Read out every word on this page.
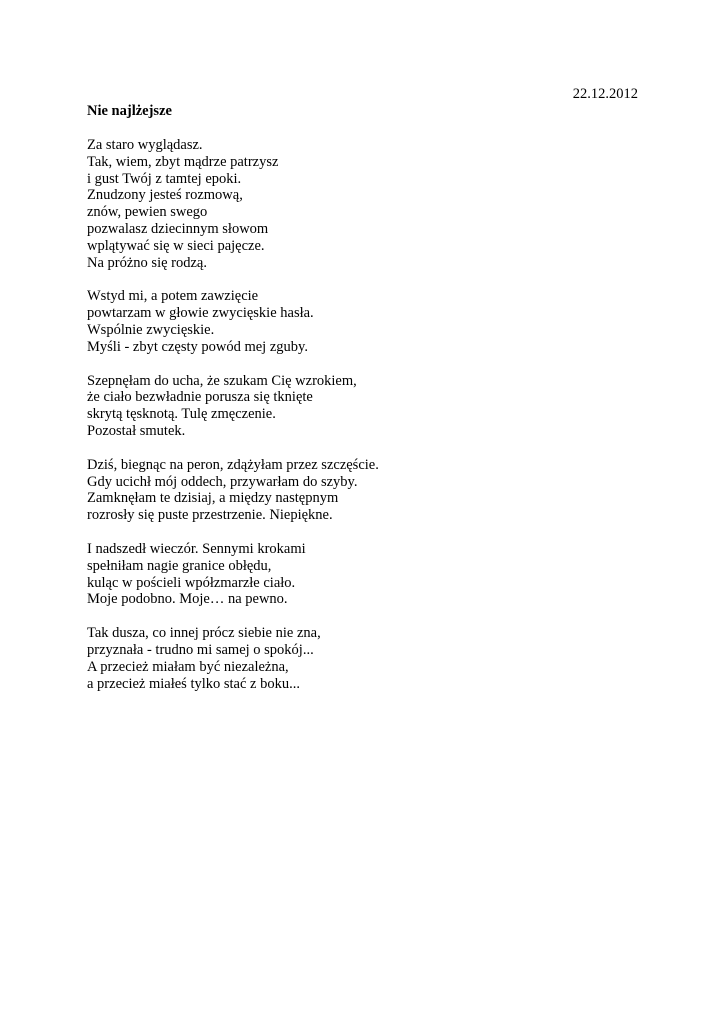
22.12.2012
Nie najlżejsze
Za staro wyglądasz.
Tak, wiem, zbyt mądrze patrzysz
i gust Twój z tamtej epoki.
Znudzony jesteś rozmową,
znów, pewien swego
pozwalasz dziecinnym słowom
wplątywać się w sieci pajęcze.
Na próżno się rodzą.
Wstyd mi, a potem zawzięcie
powtarzam w głowie zwycięskie hasła.
Wspólnie zwycięskie.
Myśli - zbyt częsty powód mej zguby.
Szepnęłam do ucha, że szukam Cię wzrokiem,
że ciało bezwładnie porusza się tknięte
skrytą tęsknotą. Tulę zmęczenie.
Pozostał smutek.
Dziś, biegnąc na peron, zdążyłam przez szczęście.
Gdy ucichł mój oddech, przywarłam do szyby.
Zamknęłam te dzisiaj, a między następnym
rozrosły się puste przestrzenie. Niepiękne.
I nadszedł wieczór. Sennymi krokami
spełniłam nagie granice obłędu,
kuląc w pościeli wpółzmarzłe ciało.
Moje podobno. Moje… na pewno.
Tak dusza, co innej prócz siebie nie zna,
przyznała - trudno mi samej o spokój...
A przecież miałam być niezależna,
a przecież miałeś tylko stać z boku...
